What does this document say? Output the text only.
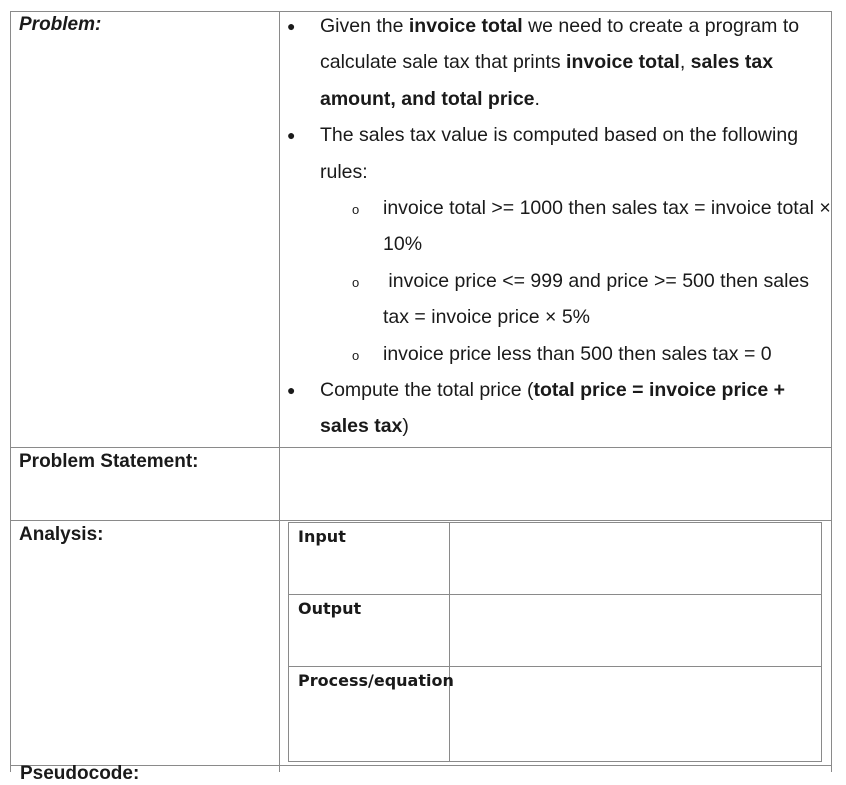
Problem:
Problem Statement:
Analysis:
Pseudocode:
● Given the invoice total we need to create a program to calculate sale tax that prints invoice total, sales tax amount, and total price.
● The sales tax value is computed based on the following rules:
o invoice total >= 1000 then sales tax = invoice total × 10%
o invoice price <= 999 and price >= 500 then sales tax = invoice price × 5%
o invoice price less than 500 then sales tax = 0
● Compute the total price (total price = invoice price + sales tax)
Input
Output
Process/equation
